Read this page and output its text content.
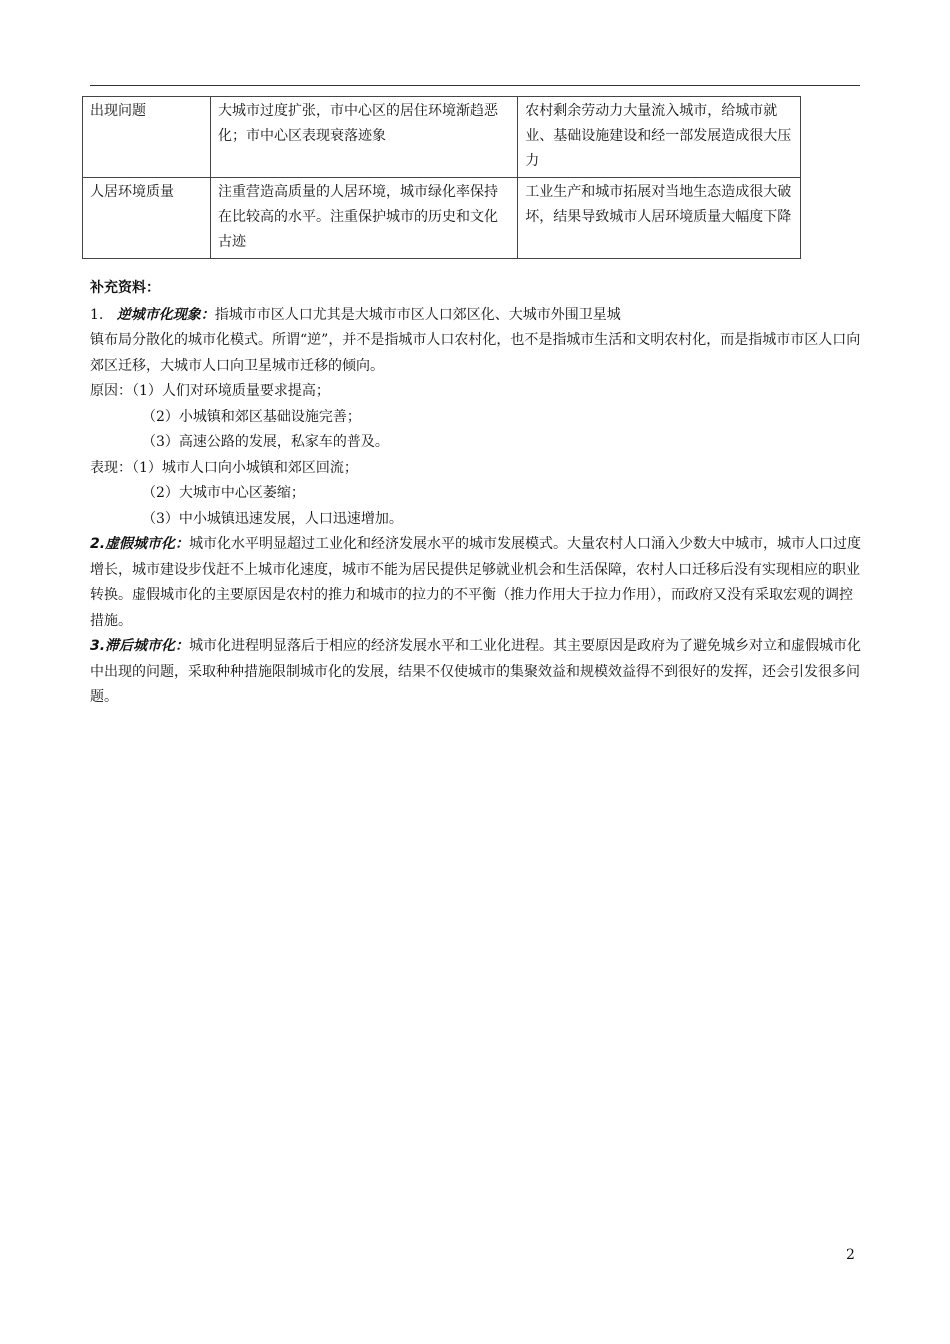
出现问题	大城市过度扩张，市中心区的居住环境渐趋恶化；市中心区表现衰落迹象	农村剩余劳动力大量流入城市，给城市就业、基础设施建设和经一部发展造成很大压力
人居环境质量	注重营造高质量的人居环境，城市绿化率保持在比较高的水平。注重保护城市的历史和文化古迹	工业生产和城市拓展对当地生态造成很大破坏，结果导致城市人居环境质量大幅度下降

补充资料：

1. 逆城市化现象：指城市市区人口尤其是大城市市区人口郊区化、大城市外围卫星城

镇布局分散化的城市化模式。所谓“逆”，并不是指城市人口农村化，也不是指城市生活和文明农村化，而是指城市市区人口向郊区迁移，大城市人口向卫星城市迁移的倾向。

原因：（1）人们对环境质量要求提高；

（2）小城镇和郊区基础设施完善；

（3）高速公路的发展，私家车的普及。

表现：（1）城市人口向小城镇和郊区回流；

（2）大城市中心区萎缩；

（3）中小城镇迅速发展，人口迅速增加。

2.虚假城市化：城市化水平明显超过工业化和经济发展水平的城市发展模式。大量农村人口涌入少数大中城市，城市人口过度增长，城市建设步伐赶不上城市化速度，城市不能为居民提供足够就业机会和生活保障，农村人口迁移后没有实现相应的职业转换。虚假城市化的主要原因是农村的推力和城市的拉力的不平衡（推力作用大于拉力作用），而政府又没有采取宏观的调控措施。

3.滞后城市化：城市化进程明显落后于相应的经济发展水平和工业化进程。其主要原因是政府为了避免城乡对立和虚假城市化中出现的问题，采取种种措施限制城市化的发展，结果不仅使城市的集聚效益和规模效益得不到很好的发挥，还会引发很多问题。

2
